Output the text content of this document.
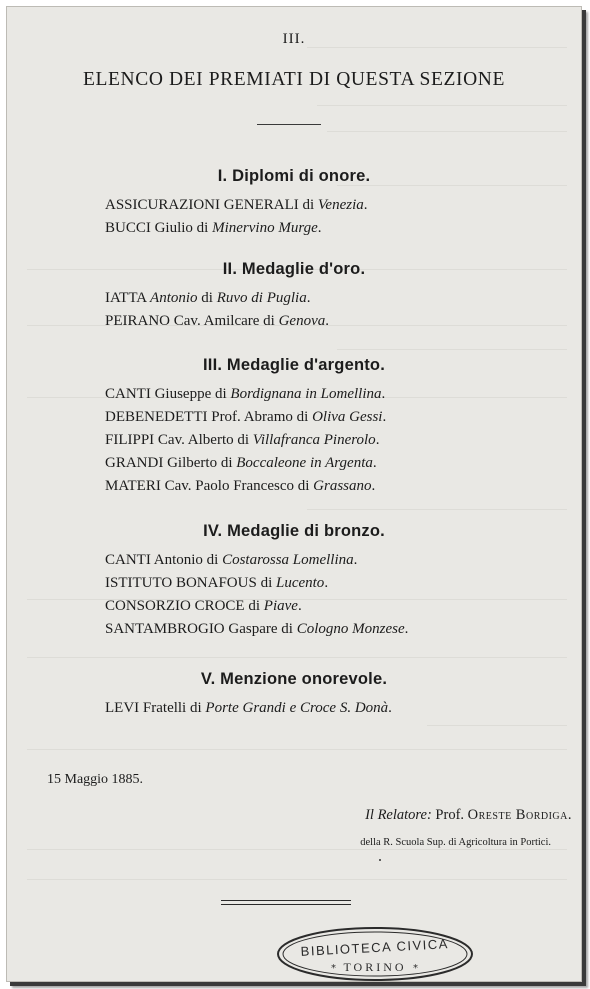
III.
ELENCO DEI PREMIATI DI QUESTA SEZIONE
I. Diplomi di onore.
ASSICURAZIONI GENERALI di Venezia.
BUCCI Giulio di Minervino Murge.
II. Medaglie d'oro.
IATTA Antonio di Ruvo di Puglia.
PEIRANO Cav. Amilcare di Genova.
III. Medaglie d'argento.
CANTI Giuseppe di Bordignana in Lomellina.
DEBENEDETTI Prof. Abramo di Oliva Gessi.
FILIPPI Cav. Alberto di Villafranca Pinerolo.
GRANDI Gilberto di Boccaleone in Argenta.
MATERI Cav. Paolo Francesco di Grassano.
IV. Medaglie di bronzo.
CANTI Antonio di Costarossa Lomellina.
ISTITUTO BONAFOUS di Lucento.
CONSORZIO CROCE di Piave.
SANTAMBROGIO Gaspare di Cologno Monzese.
V. Menzione onorevole.
LEVI Fratelli di Porte Grandi e Croce S. Donà.
15 Maggio 1885.
Il Relatore: Prof. Oreste Bordiga.
della R. Scuola Sup. di Agricoltura in Portici.
BIBLIOTECA CIVICA
TORINO
*	*
